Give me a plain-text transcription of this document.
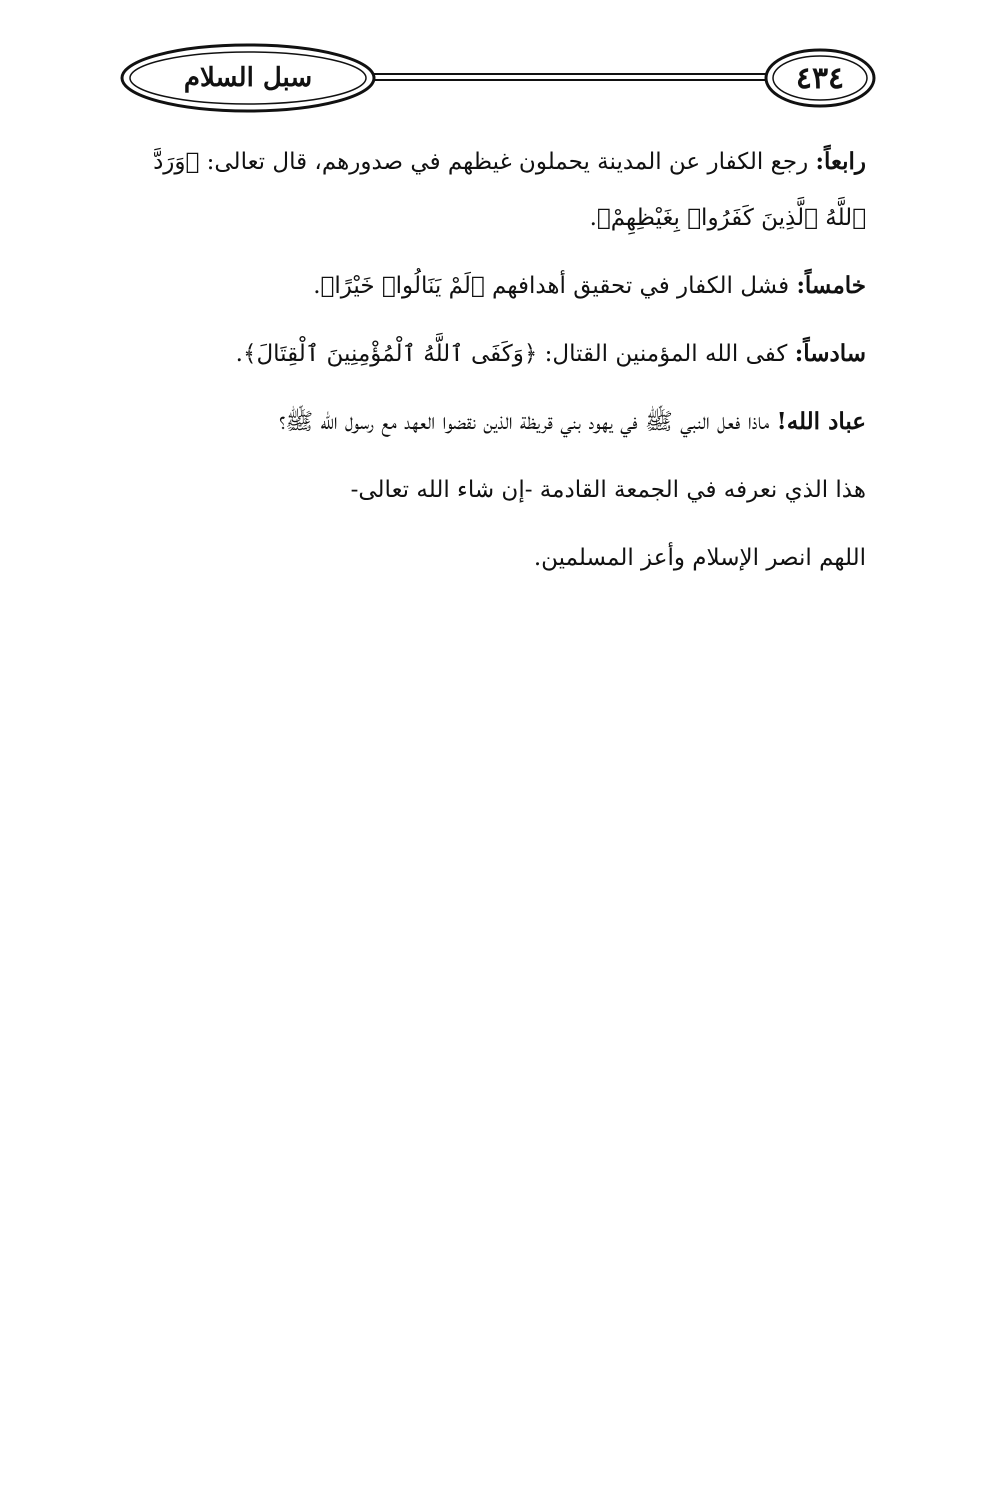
٤٣٤
سبل السلام

رابعاً: رجع الكفار عن المدينة يحملون غيظهم في صدورهم، قال تعالى: ﴿وَرَدَّ ٱللَّهُ ٱلَّذِينَ كَفَرُوا۟ بِغَيْظِهِمْ﴾.

خامساً: فشل الكفار في تحقيق أهدافهم ﴿لَمْ يَنَالُوا۟ خَيْرًا﴾.

سادساً: كفى الله المؤمنين القتال: ﴿وَكَفَى ٱللَّهُ ٱلْمُؤْمِنِينَ ٱلْقِتَالَ﴾.

عباد الله! ماذا فعل النبي ﷺ في يهود بني قريظة الذين نقضوا العهد مع رسول الله ﷺ؟

هذا الذي نعرفه في الجمعة القادمة -إن شاء الله تعالى-

اللهم انصر الإسلام وأعز المسلمين.
